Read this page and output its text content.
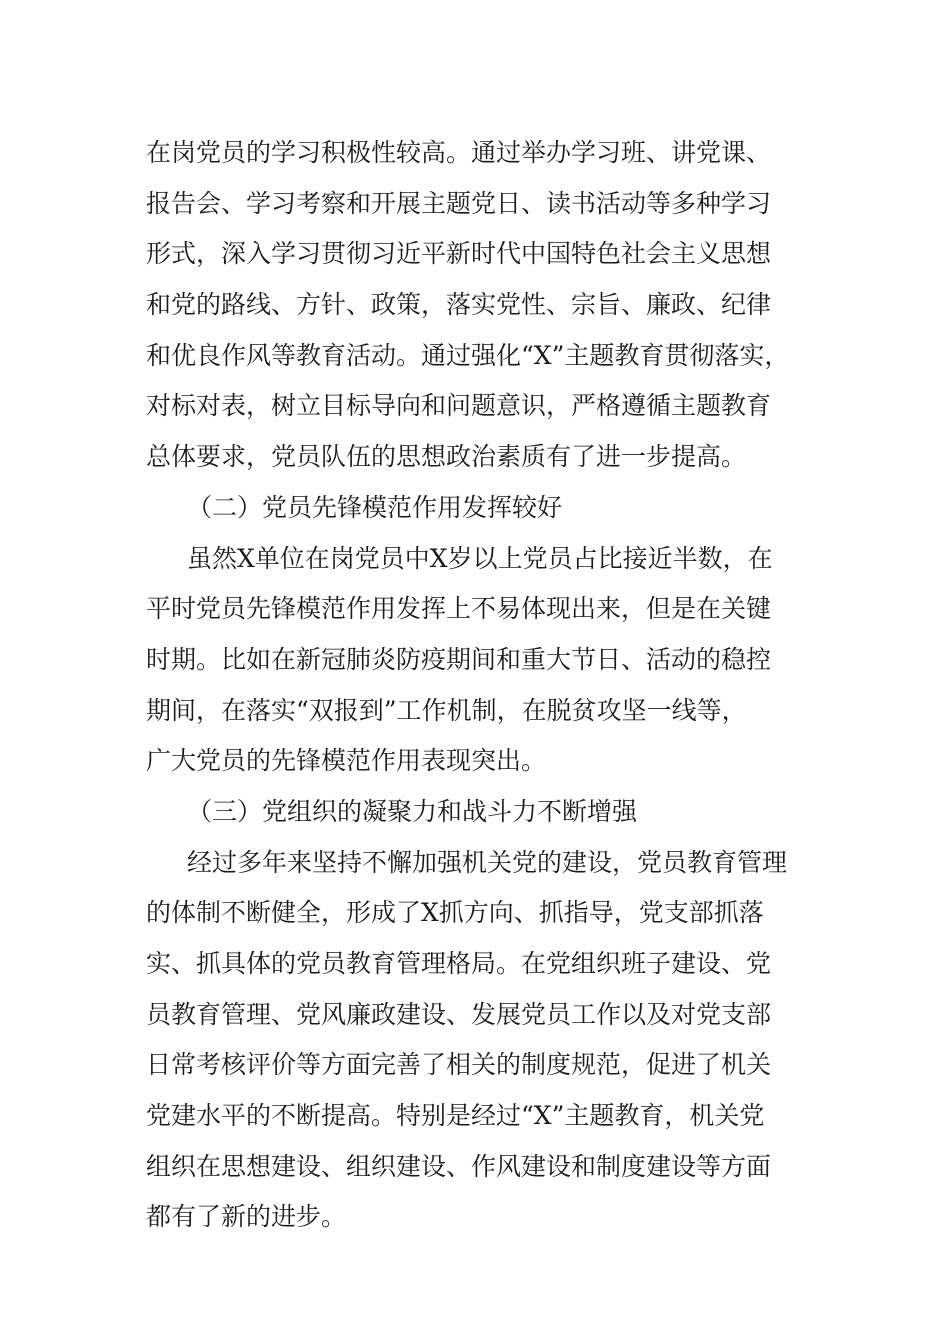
在岗党员的学习积极性较高。通过举办学习班、讲党课、
报告会、学习考察和开展主题党日、读书活动等多种学习
形式，深入学习贯彻习近平新时代中国特色社会主义思想
和党的路线、方针、政策，落实党性、宗旨、廉政、纪律
和优良作风等教育活动。通过强化“X”主题教育贯彻落实，
对标对表，树立目标导向和问题意识，严格遵循主题教育
总体要求，党员队伍的思想政治素质有了进一步提高。
（二）党员先锋模范作用发挥较好
虽然X单位在岗党员中X岁以上党员占比接近半数，在
平时党员先锋模范作用发挥上不易体现出来，但是在关键
时期。比如在新冠肺炎防疫期间和重大节日、活动的稳控
期间，在落实“双报到”工作机制，在脱贫攻坚一线等，
广大党员的先锋模范作用表现突出。
（三）党组织的凝聚力和战斗力不断增强
经过多年来坚持不懈加强机关党的建设，党员教育管理
的体制不断健全，形成了X抓方向、抓指导，党支部抓落
实、抓具体的党员教育管理格局。在党组织班子建设、党
员教育管理、党风廉政建设、发展党员工作以及对党支部
日常考核评价等方面完善了相关的制度规范，促进了机关
党建水平的不断提高。特别是经过“X”主题教育，机关党
组织在思想建设、组织建设、作风建设和制度建设等方面
都有了新的进步。
